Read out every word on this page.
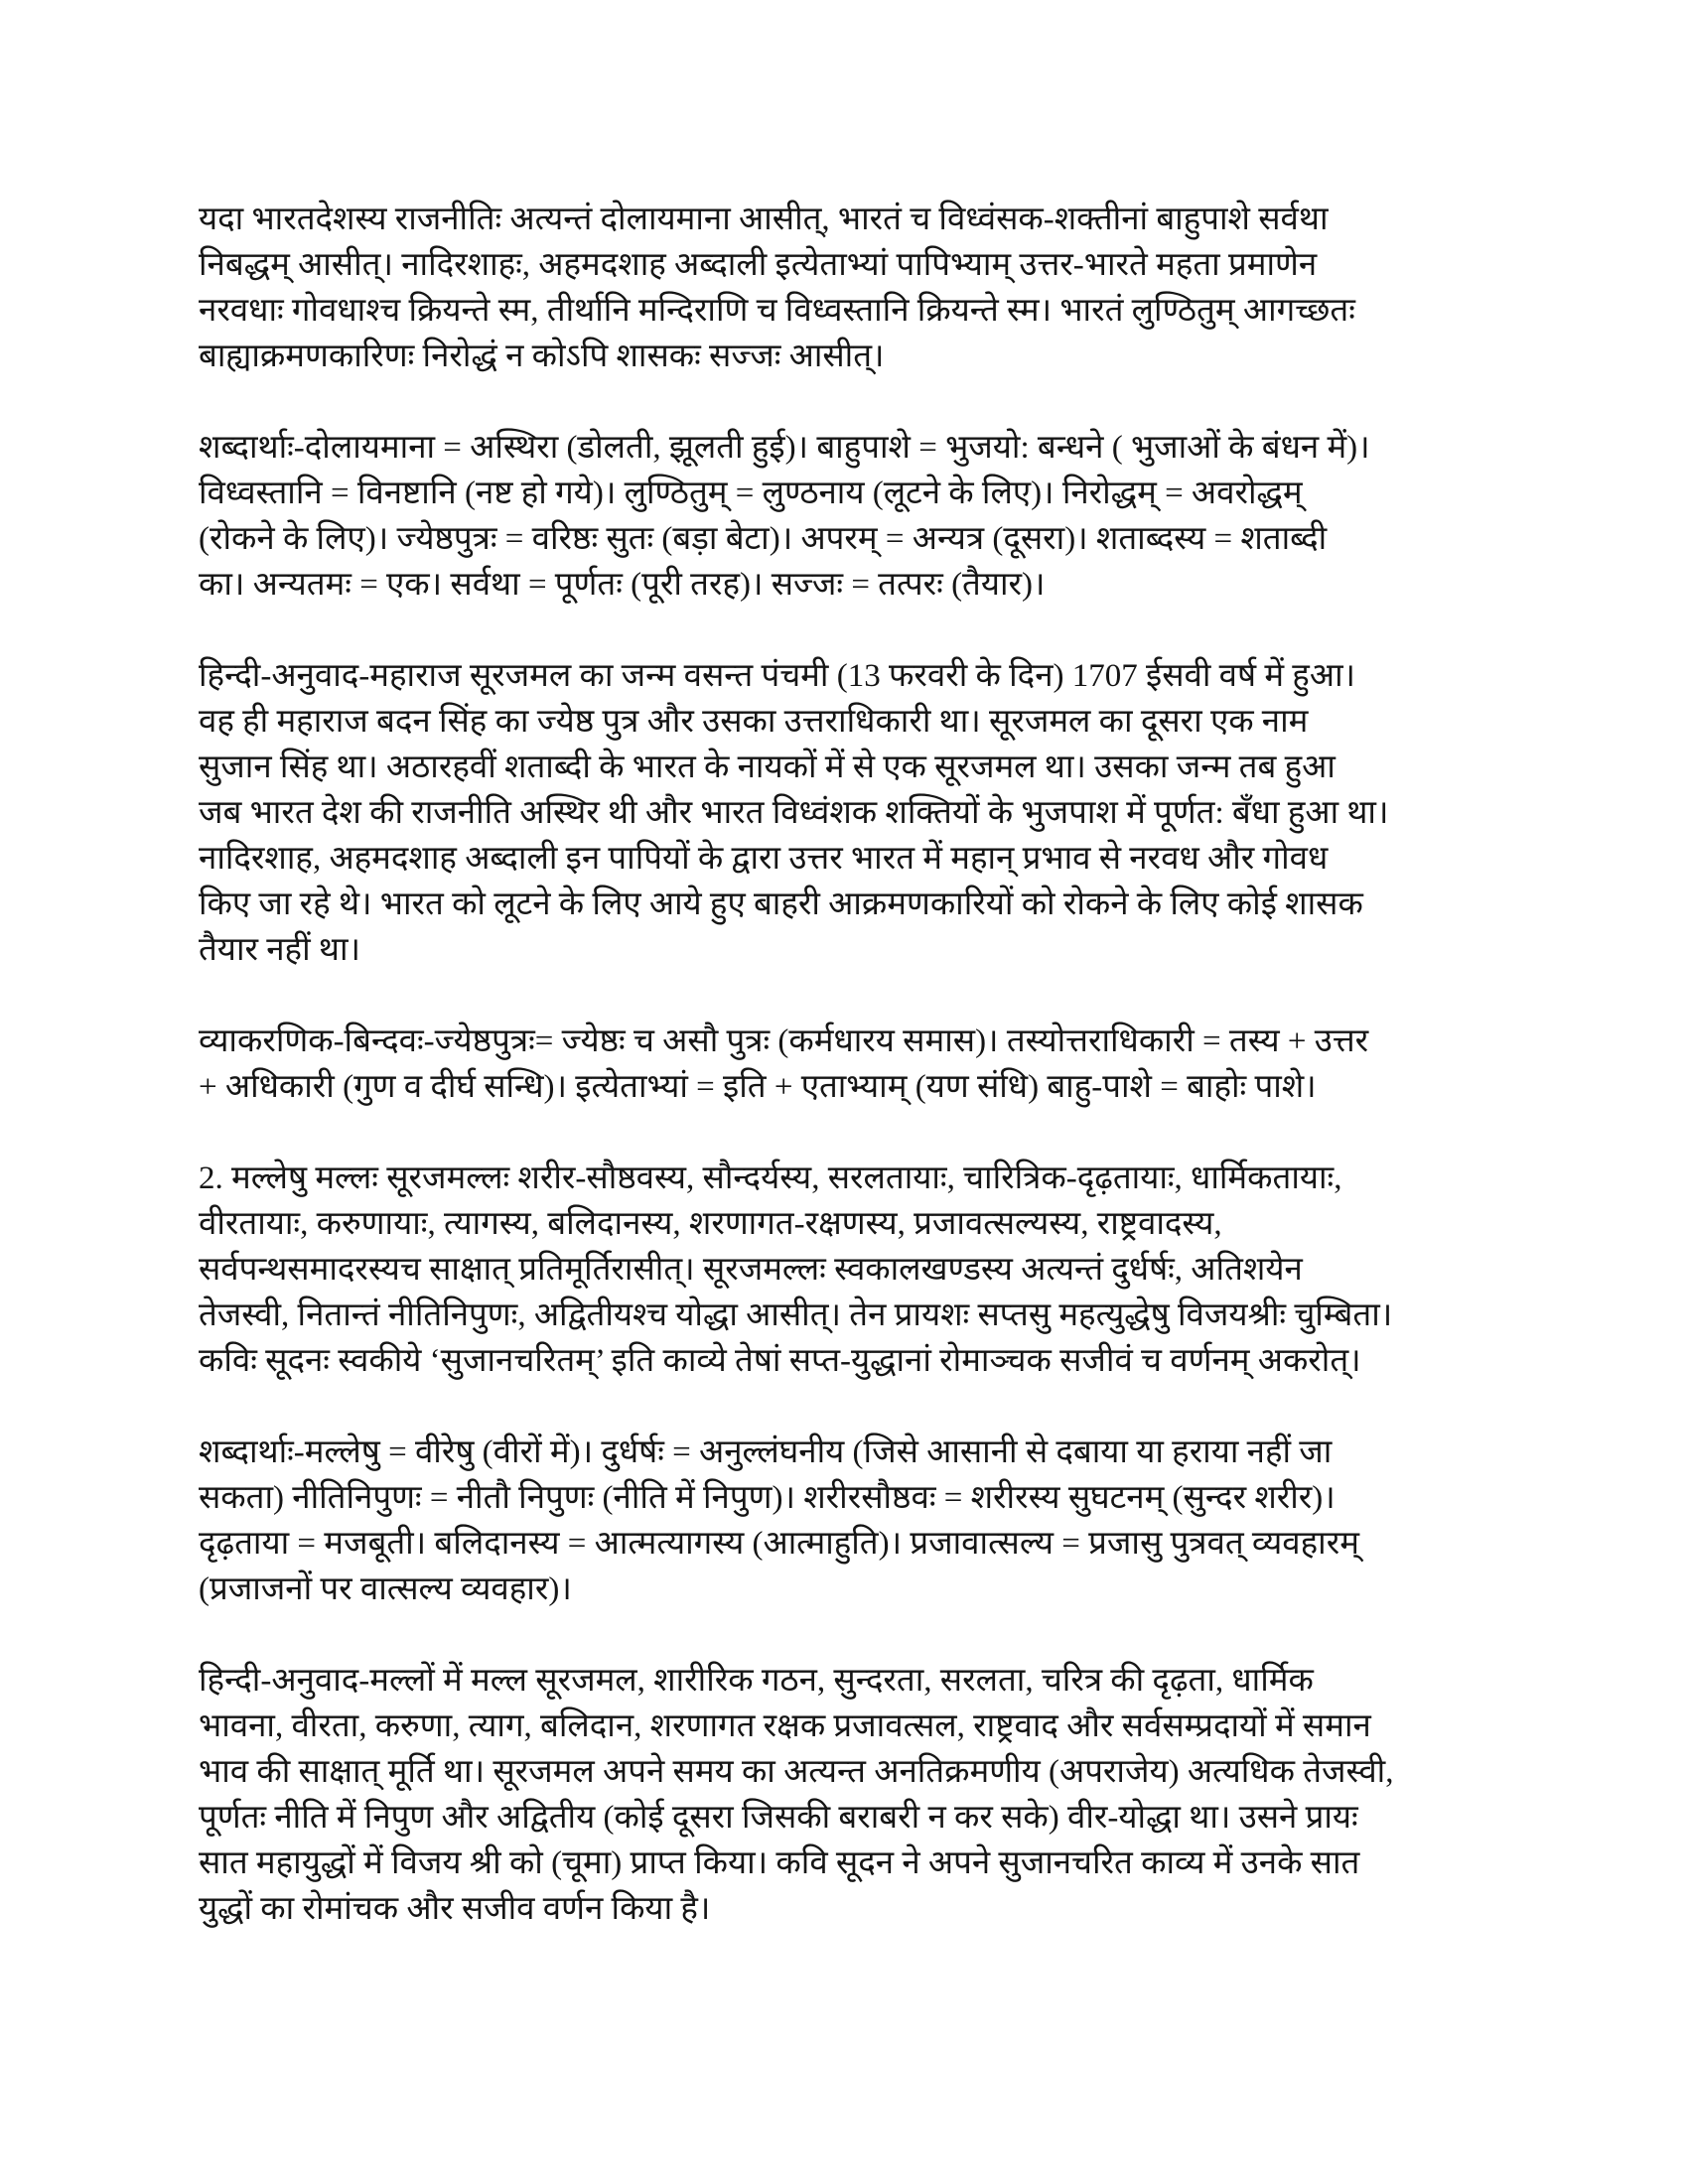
यदा भारतदेशस्य राजनीतिः अत्यन्तं दोलायमाना आसीत्, भारतं च विध्वंसक-शक्तीनां बाहुपाशे सर्वथा
निबद्धम् आसीत्। नादिरशाहः, अहमदशाह अब्दाली इत्येताभ्यां पापिभ्याम् उत्तर-भारते महता प्रमाणेन
नरवधाः गोवधाश्च क्रियन्ते स्म, तीर्थानि मन्दिराणि च विध्वस्तानि क्रियन्ते स्म। भारतं लुण्ठितुम् आगच्छतः
बाह्याक्रमणकारिणः निरोद्धं न कोऽपि शासकः सज्जः आसीत्।
शब्दार्थाः-दोलायमाना = अस्थिरा (डोलती, झूलती हुई)। बाहुपाशे = भुजयो: बन्धने ( भुजाओं के बंधन में)।
विध्वस्तानि = विनष्टानि (नष्ट हो गये)। लुण्ठितुम् = लुण्ठनाय (लूटने के लिए)। निरोद्धम् = अवरोद्धम्
(रोकने के लिए)। ज्येष्ठपुत्रः = वरिष्ठः सुतः (बड़ा बेटा)। अपरम् = अन्यत्र (दूसरा)। शताब्दस्य = शताब्दी
का। अन्यतमः = एक। सर्वथा = पूर्णतः (पूरी तरह)। सज्जः = तत्परः (तैयार)।
हिन्दी-अनुवाद-महाराज सूरजमल का जन्म वसन्त पंचमी (13 फरवरी के दिन) 1707 ईसवी वर्ष में हुआ।
वह ही महाराज बदन सिंह का ज्येष्ठ पुत्र और उसका उत्तराधिकारी था। सूरजमल का दूसरा एक नाम
सुजान सिंह था। अठारहवीं शताब्दी के भारत के नायकों में से एक सूरजमल था। उसका जन्म तब हुआ
जब भारत देश की राजनीति अस्थिर थी और भारत विध्वंशक शक्तियों के भुजपाश में पूर्णत: बँधा हुआ था।
नादिरशाह, अहमदशाह अब्दाली इन पापियों के द्वारा उत्तर भारत में महान् प्रभाव से नरवध और गोवध
किए जा रहे थे। भारत को लूटने के लिए आये हुए बाहरी आक्रमणकारियों को रोकने के लिए कोई शासक
तैयार नहीं था।
व्याकरणिक-बिन्दवः-ज्येष्ठपुत्रः= ज्येष्ठः च असौ पुत्रः (कर्मधारय समास)। तस्योत्तराधिकारी = तस्य + उत्तर
+ अधिकारी (गुण व दीर्घ सन्धि)। इत्येताभ्यां = इति + एताभ्याम् (यण संधि) बाहु-पाशे = बाहोः पाशे।
2. मल्लेषु मल्लः सूरजमल्लः शरीर-सौष्ठवस्य, सौन्दर्यस्य, सरलतायाः, चारित्रिक-दृढ़तायाः, धार्मिकतायाः,
वीरतायाः, करुणायाः, त्यागस्य, बलिदानस्य, शरणागत-रक्षणस्य, प्रजावत्सल्यस्य, राष्ट्रवादस्य,
सर्वपन्थसमादरस्यच साक्षात् प्रतिमूर्तिरासीत्। सूरजमल्लः स्वकालखण्डस्य अत्यन्तं दुर्धर्षः, अतिशयेन
तेजस्वी, नितान्तं नीतिनिपुणः, अद्वितीयश्च योद्धा आसीत्। तेन प्रायशः सप्तसु महत्युद्धेषु विजयश्रीः चुम्बिता।
कविः सूदनः स्वकीये ‘सुजानचरितम्’ इति काव्ये तेषां सप्त-युद्धानां रोमाञ्चक सजीवं च वर्णनम् अकरोत्।
शब्दार्थाः-मल्लेषु = वीरेषु (वीरों में)। दुर्धर्षः = अनुल्लंघनीय (जिसे आसानी से दबाया या हराया नहीं जा
सकता) नीतिनिपुणः = नीतौ निपुणः (नीति में निपुण)। शरीरसौष्ठवः = शरीरस्य सुघटनम् (सुन्दर शरीर)।
दृढ़ताया = मजबूती। बलिदानस्य = आत्मत्यागस्य (आत्माहुति)। प्रजावात्सल्य = प्रजासु पुत्रवत् व्यवहारम्
(प्रजाजनों पर वात्सल्य व्यवहार)।
हिन्दी-अनुवाद-मल्लों में मल्ल सूरजमल, शारीरिक गठन, सुन्दरता, सरलता, चरित्र की दृढ़ता, धार्मिक
भावना, वीरता, करुणा, त्याग, बलिदान, शरणागत रक्षक प्रजावत्सल, राष्ट्रवाद और सर्वसम्प्रदायों में समान
भाव की साक्षात् मूर्ति था। सूरजमल अपने समय का अत्यन्त अनतिक्रमणीय (अपराजेय) अत्यधिक तेजस्वी,
पूर्णतः नीति में निपुण और अद्वितीय (कोई दूसरा जिसकी बराबरी न कर सके) वीर-योद्धा था। उसने प्रायः
सात महायुद्धों में विजय श्री को (चूमा) प्राप्त किया। कवि सूदन ने अपने सुजानचरित काव्य में उनके सात
युद्धों का रोमांचक और सजीव वर्णन किया है।
